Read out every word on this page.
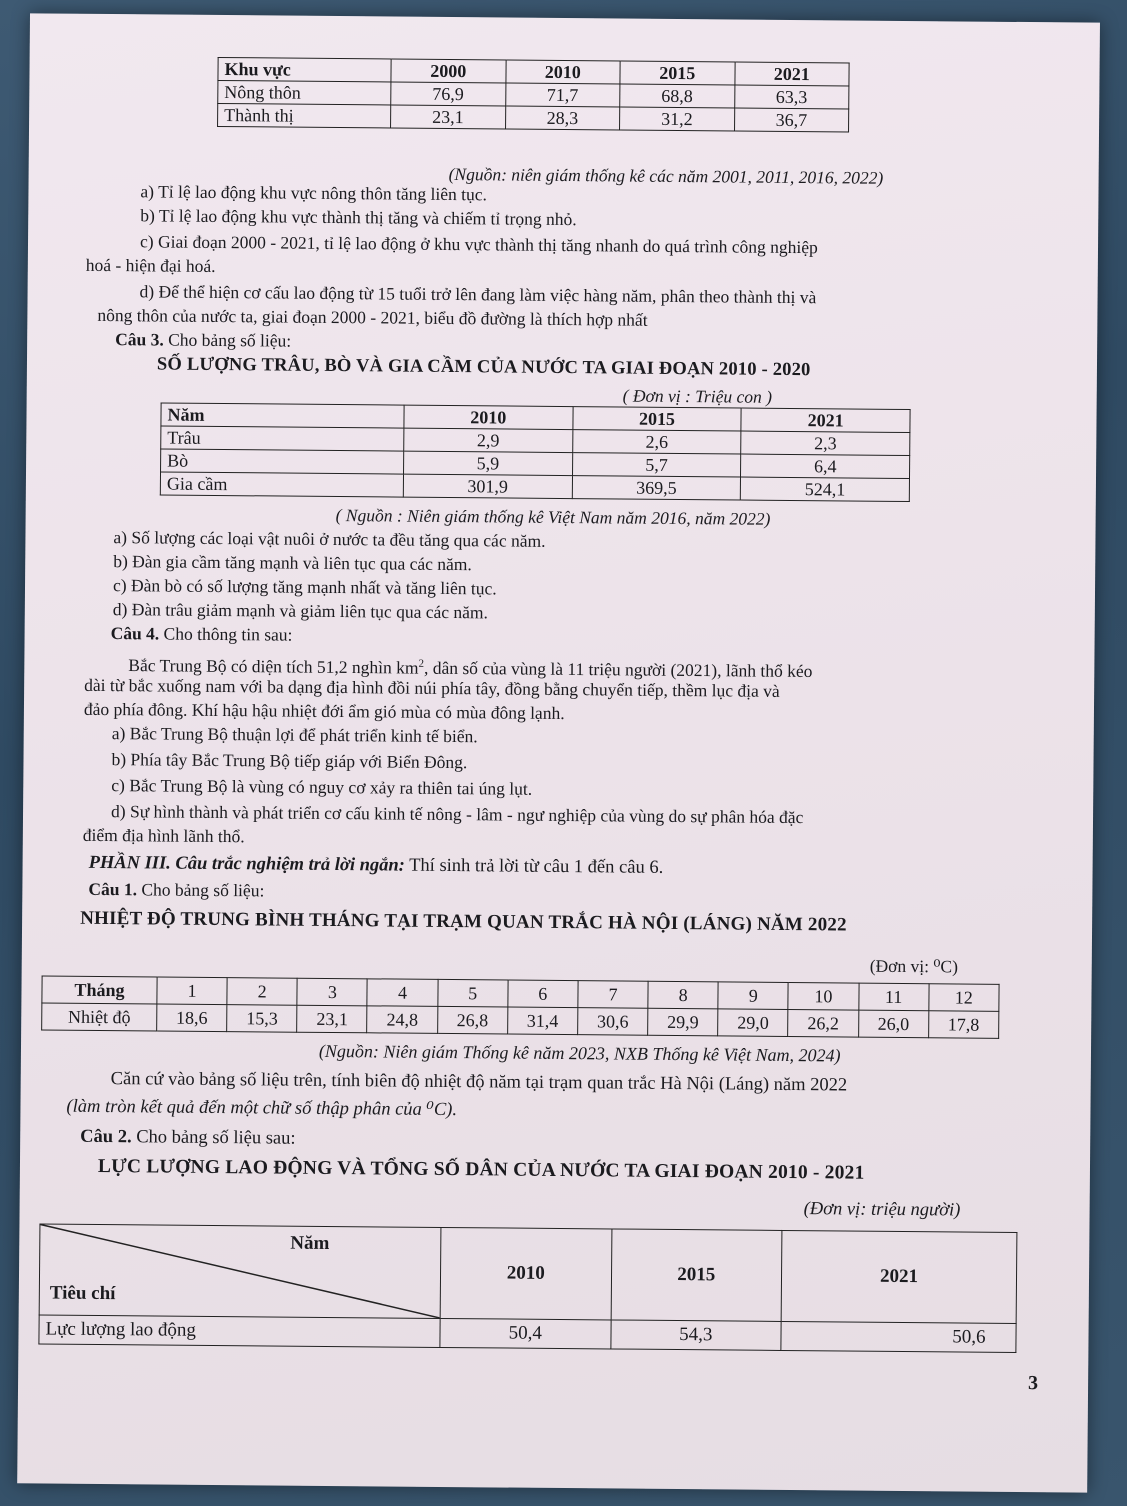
Khu vực	2000	2010	2015	2021
Nông thôn	76,9	71,7	68,8	63,3
Thành thị	23,1	28,3	31,2	36,7
(Nguồn: niên giám thống kê các năm 2001, 2011, 2016, 2022)
a) Tỉ lệ lao động khu vực nông thôn tăng liên tục.
b) Tỉ lệ lao động khu vực thành thị tăng và chiếm tỉ trọng nhỏ.
c) Giai đoạn 2000 - 2021, tỉ lệ lao động ở khu vực thành thị tăng nhanh do quá trình công nghiệp
hoá - hiện đại hoá.
d) Để thể hiện cơ cấu lao động từ 15 tuổi trở lên đang làm việc hàng năm, phân theo thành thị và
nông thôn của nước ta, giai đoạn 2000 - 2021, biểu đồ đường là thích hợp nhất
Câu 3. Cho bảng số liệu:
SỐ LƯỢNG TRÂU, BÒ VÀ GIA CẦM CỦA NƯỚC TA GIAI ĐOẠN 2010 - 2020
( Đơn vị : Triệu con )
Năm	2010	2015	2021
Trâu	2,9	2,6	2,3
Bò	5,9	5,7	6,4
Gia cầm	301,9	369,5	524,1
( Nguồn : Niên giám thống kê Việt Nam năm 2016, năm 2022)
a) Số lượng các loại vật nuôi ở nước ta đều tăng qua các năm.
b) Đàn gia cầm tăng mạnh và liên tục qua các năm.
c) Đàn bò có số lượng tăng mạnh nhất và tăng liên tục.
d) Đàn trâu giảm mạnh và giảm liên tục qua các năm.
Câu 4. Cho thông tin sau:
Bắc Trung Bộ có diện tích 51,2 nghìn $km^2$, dân số của vùng là 11 triệu người (2021), lãnh thổ kéo
dài từ bắc xuống nam với ba dạng địa hình đồi núi phía tây, đồng bằng chuyển tiếp, thềm lục địa và
đảo phía đông. Khí hậu hậu nhiệt đới ẩm gió mùa có mùa đông lạnh.
a) Bắc Trung Bộ thuận lợi để phát triển kinh tế biển.
b) Phía tây Bắc Trung Bộ tiếp giáp với Biển Đông.
c) Bắc Trung Bộ là vùng có nguy cơ xảy ra thiên tai úng lụt.
d) Sự hình thành và phát triển cơ cấu kinh tế nông - lâm - ngư nghiệp của vùng do sự phân hóa đặc
điểm địa hình lãnh thổ.
PHẦN III. Câu trắc nghiệm trả lời ngắn: Thí sinh trả lời từ câu 1 đến câu 6.
Câu 1. Cho bảng số liệu:
NHIỆT ĐỘ TRUNG BÌNH THÁNG TẠI TRẠM QUAN TRẮC HÀ NỘI (LÁNG) NĂM 2022
(Đơn vị: ⁰C)
Tháng	1	2	3	4	5	6	7	8	9	10	11	12
Nhiệt độ	18,6	15,3	23,1	24,8	26,8	31,4	30,6	29,9	29,0	26,2	26,0	17,8
(Nguồn: Niên giám Thống kê năm 2023, NXB Thống kê Việt Nam, 2024)
Căn cứ vào bảng số liệu trên, tính biên độ nhiệt độ năm tại trạm quan trắc Hà Nội (Láng) năm 2022
(làm tròn kết quả đến một chữ số thập phân của ⁰C).
Câu 2. Cho bảng số liệu sau:
LỰC LƯỢNG LAO ĐỘNG VÀ TỔNG SỐ DÂN CỦA NƯỚC TA GIAI ĐOẠN 2010 - 2021
(Đơn vị: triệu người)
Năm
Tiêu chí	2010	2015	2021
Lực lượng lao động	50,4	54,3	50,6
3
